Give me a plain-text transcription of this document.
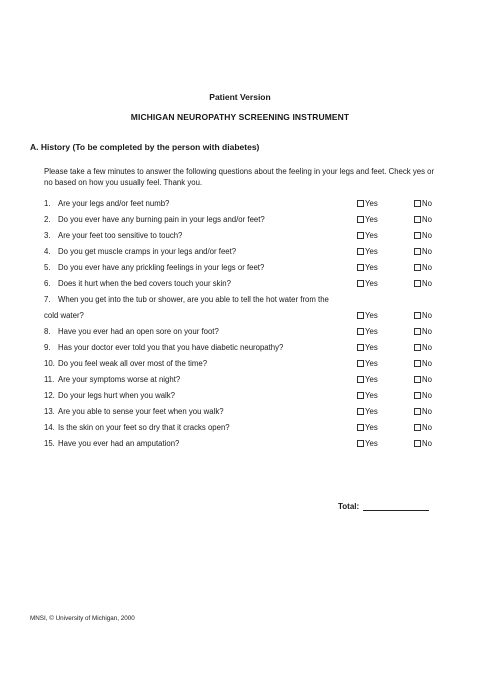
Patient Version
MICHIGAN NEUROPATHY SCREENING INSTRUMENT
A. History (To be completed by the person with diabetes)
Please take a few minutes to answer the following questions about the feeling in your legs and feet. Check yes or no based on how you usually feel. Thank you.
1. Are your legs and/or feet numb?	Yes	No
2. Do you ever have any burning pain in your legs and/or feet?	Yes	No
3. Are your feet too sensitive to touch?	Yes	No
4. Do you get muscle cramps in your legs and/or feet?	Yes	No
5. Do you ever have any prickling feelings in your legs or feet?	Yes	No
6. Does it hurt when the bed covers touch your skin?	Yes	No
7. When you get into the tub or shower, are you able to tell the hot water from the cold water?	Yes	No
8. Have you ever had an open sore on your foot?	Yes	No
9. Has your doctor ever told you that you have diabetic neuropathy?	Yes	No
10. Do you feel weak all over most of the time?	Yes	No
11. Are your symptoms worse at night?	Yes	No
12. Do your legs hurt when you walk?	Yes	No
13. Are you able to sense your feet when you walk?	Yes	No
14. Is the skin on your feet so dry that it cracks open?	Yes	No
15. Have you ever had an amputation?	Yes	No
Total:
MNSI, © University of Michigan, 2000
